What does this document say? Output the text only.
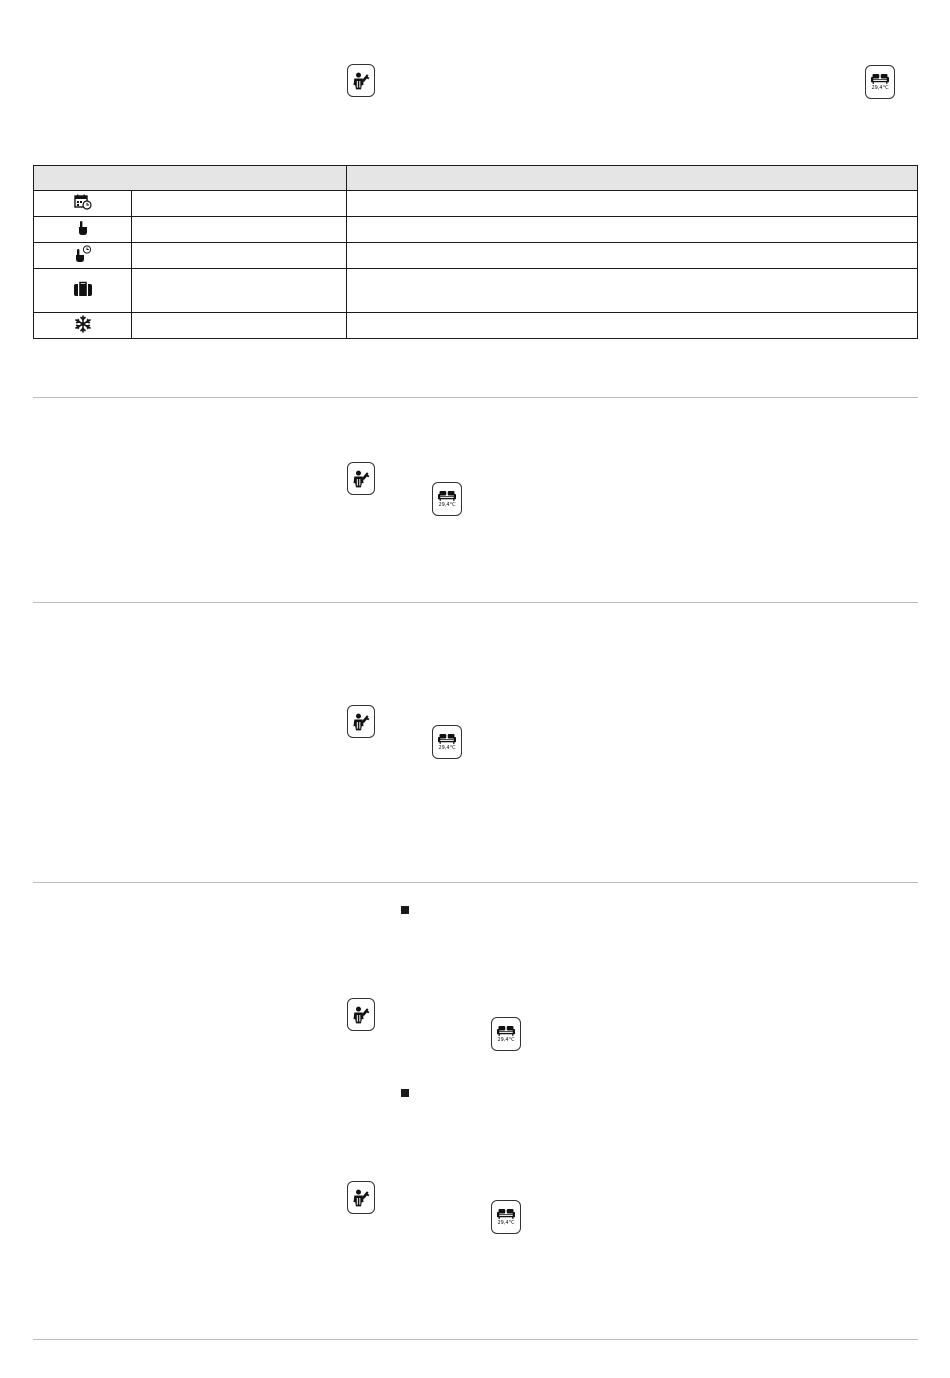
29,4°C

29,4°C
29,4°C
29,4°C
29,4°C
